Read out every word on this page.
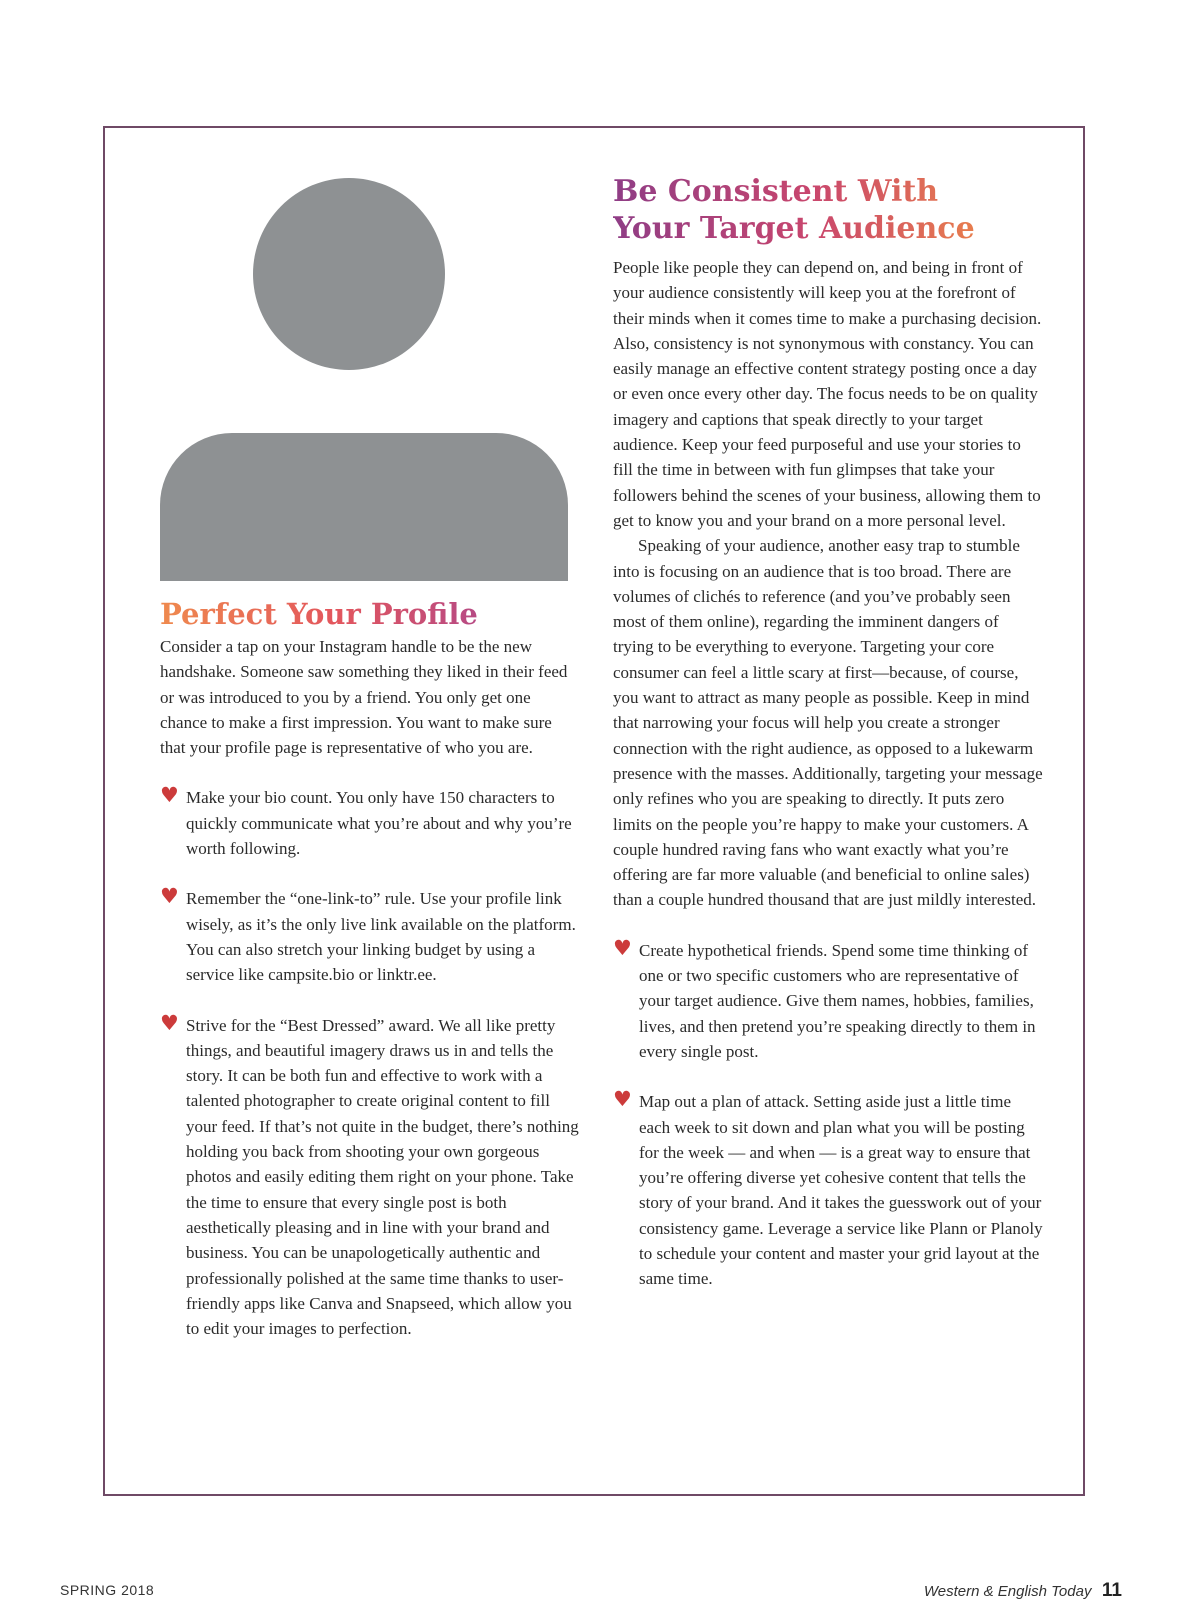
Perfect Your Profile

Consider a tap on your Instagram handle to be the new handshake. Someone saw something they liked in their feed or was introduced to you by a friend. You only get one chance to make a first impression. You want to make sure that your profile page is representative of who you are.

♥ Make your bio count. You only have 150 characters to quickly communicate what you’re about and why you’re worth following.
♥ Remember the “one-link-to” rule. Use your profile link wisely, as it’s the only live link available on the platform. You can also stretch your linking budget by using a service like campsite.bio or linktr.ee.
♥ Strive for the “Best Dressed” award. We all like pretty things, and beautiful imagery draws us in and tells the story. It can be both fun and effective to work with a talented photographer to create original content to fill your feed. If that’s not quite in the budget, there’s nothing holding you back from shooting your own gorgeous photos and easily editing them right on your phone. Take the time to ensure that every single post is both aesthetically pleasing and in line with your brand and business. You can be unapologetically authentic and professionally polished at the same time thanks to user-friendly apps like Canva and Snapseed, which allow you to edit your images to perfection.
Be Consistent With
Your Target Audience

People like people they can depend on, and being in front of your audience consistently will keep you at the forefront of their minds when it comes time to make a purchasing decision. Also, consistency is not synonymous with constancy. You can easily manage an effective content strategy posting once a day or even once every other day. The focus needs to be on quality imagery and captions that speak directly to your target audience. Keep your feed purposeful and use your stories to fill the time in between with fun glimpses that take your followers behind the scenes of your business, allowing them to get to know you and your brand on a more personal level.

Speaking of your audience, another easy trap to stumble into is focusing on an audience that is too broad. There are volumes of clichés to reference (and you’ve probably seen most of them online), regarding the imminent dangers of trying to be everything to everyone. Targeting your core consumer can feel a little scary at first—because, of course, you want to attract as many people as possible. Keep in mind that narrowing your focus will help you create a stronger connection with the right audience, as opposed to a lukewarm presence with the masses. Additionally, targeting your message only refines who you are speaking to directly. It puts zero limits on the people you’re happy to make your customers. A couple hundred raving fans who want exactly what you’re offering are far more valuable (and beneficial to online sales) than a couple hundred thousand that are just mildly interested.

♥ Create hypothetical friends. Spend some time thinking of one or two specific customers who are representative of your target audience. Give them names, hobbies, families, lives, and then pretend you’re speaking directly to them in every single post.
♥ Map out a plan of attack. Setting aside just a little time each week to sit down and plan what you will be posting for the week — and when — is a great way to ensure that you’re offering diverse yet cohesive content that tells the story of your brand. And it takes the guesswork out of your consistency game. Leverage a service like Plann or Planoly to schedule your content and master your grid layout at the same time.
SPRING 2018	Western & English Today 11
